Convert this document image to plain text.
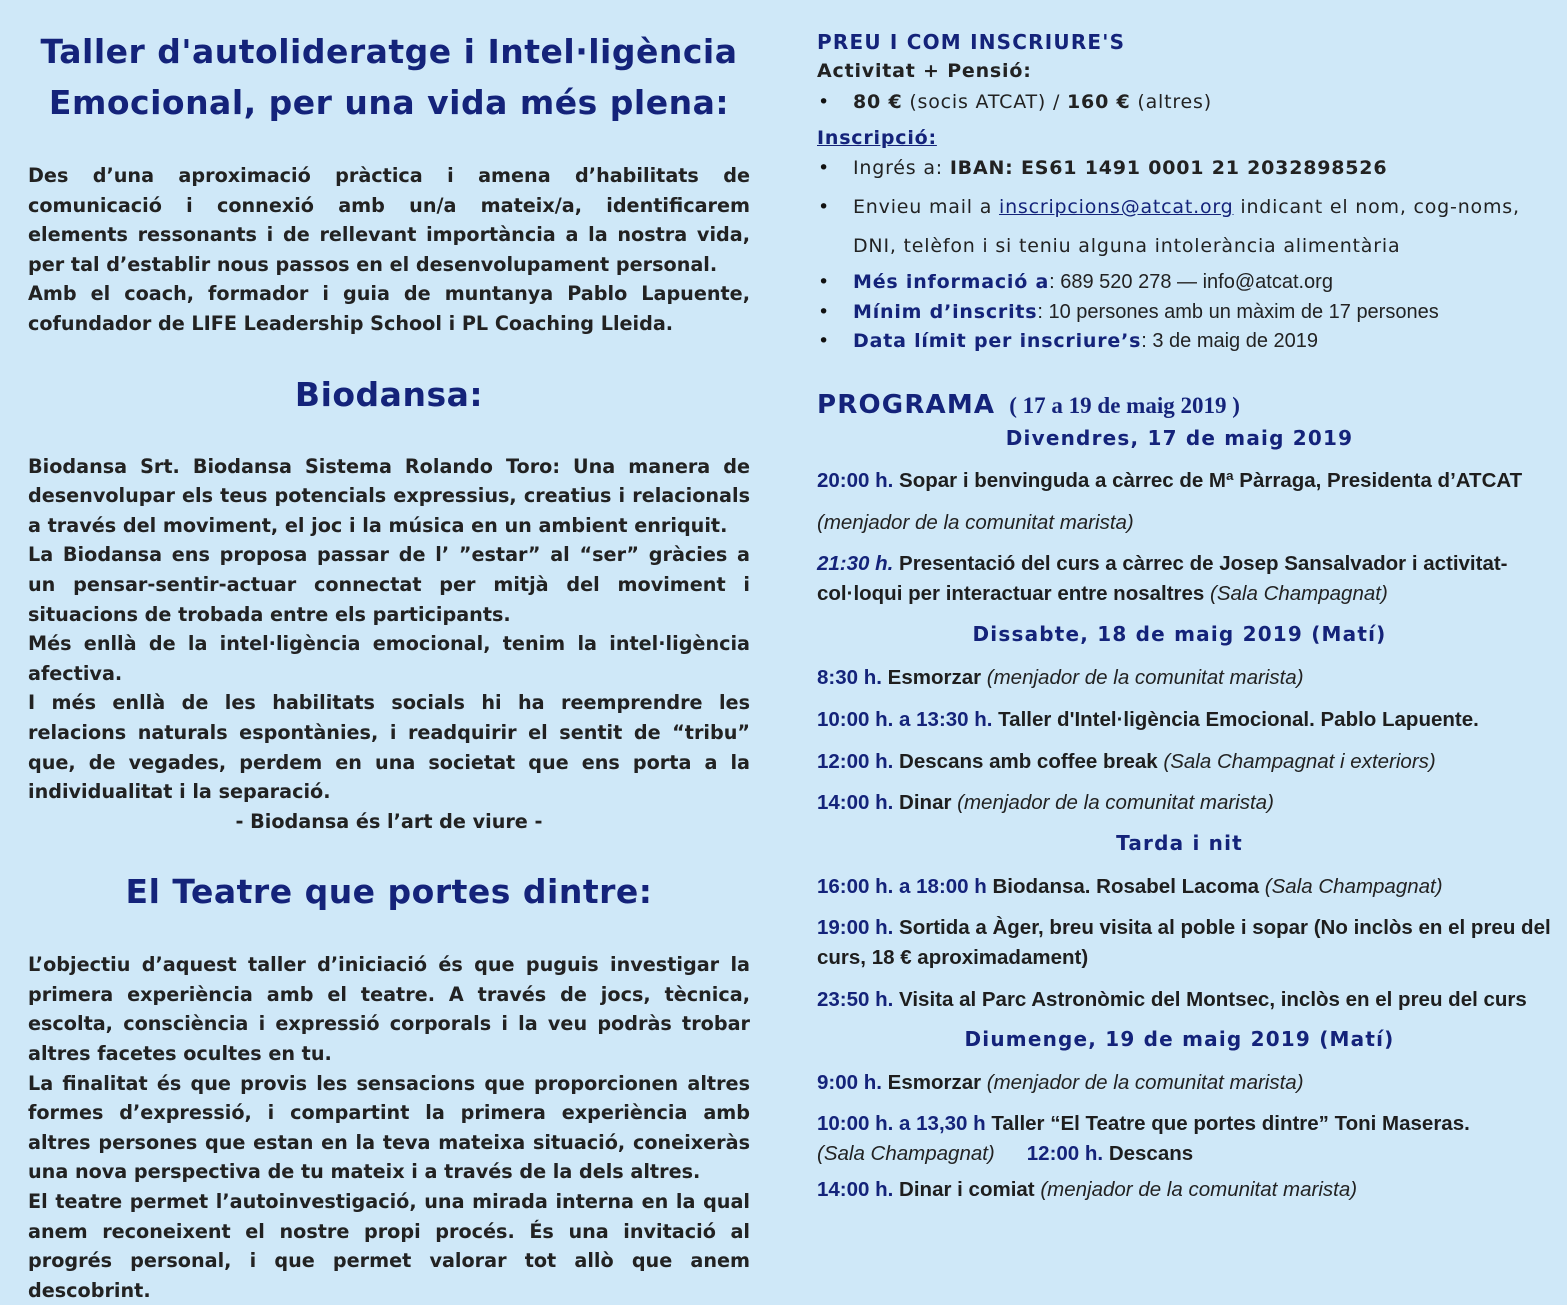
Taller d'autolideratge i Intel·ligència
Emocional, per una vida més plena:

Des d’una aproximació pràctica i amena d’habilitats de comunicació i connexió amb un/a mateix/a, identificarem elements ressonants i de rellevant importància a la nostra vida, per tal d’establir nous passos en el desenvolupament personal.

Amb el coach, formador i guia de muntanya Pablo Lapuente, cofundador de LIFE Leadership School i PL Coaching Lleida.

Biodansa:

Biodansa Srt. Biodansa Sistema Rolando Toro: Una manera de desenvolupar els teus potencials expressius, creatius i relacionals a través del moviment, el joc i la música en un ambient enriquit.

La Biodansa ens proposa passar de l’ ”estar” al “ser” gràcies a un pensar-sentir-actuar connectat per mitjà del moviment i situacions de trobada entre els participants.

Més enllà de la intel·ligència emocional, tenim la intel·ligència afectiva.

I més enllà de les habilitats socials hi ha reemprendre les relacions naturals espontànies, i readquirir el sentit de “tribu” que, de vegades, perdem en una societat que ens porta a la individualitat i la separació.

- Biodansa és l’art de viure -

El Teatre que portes dintre:

L’objectiu d’aquest taller d’iniciació és que puguis investigar la primera experiència amb el teatre. A través de jocs, tècnica, escolta, consciència i expressió corporals i la veu podràs trobar altres facetes ocultes en tu.

La finalitat és que provis les sensacions que proporcionen altres formes d’expressió, i compartint la primera experiència amb altres persones que estan en la teva mateixa situació, coneixeràs una nova perspectiva de tu mateix i a través de la dels altres.

El teatre permet l’autoinvestigació, una mirada interna en la qual anem reconeixent el nostre propi procés. És una invitació al progrés personal, i que permet valorar tot allò que anem descobrint.

PREU I COM INSCRIURE'S
Activitat + Pensió:
• 80 € (socis ATCAT) / 160 € (altres)
Inscripció:
• Ingrés a: IBAN: ES61 1491 0001 21 2032898526
• Envieu mail a inscripcions@atcat.org indicant el nom, cog-noms, DNI, telèfon i si teniu alguna intolerància alimentària
• Més informació a: 689 520 278 — info@atcat.org
• Mínim d’inscrits: 10 persones amb un màxim de 17 persones
• Data límit per inscriure’s: 3 de maig de 2019
PROGRAMA ( 17 a 19 de maig 2019 )
Divendres, 17 de maig 2019
20:00 h. Sopar i benvinguda a càrrec de Mª Pàrraga, Presidenta d’ATCAT
(menjador de la comunitat marista)
21:30 h. Presentació del curs a càrrec de Josep Sansalvador i activitat-col·loqui per interactuar entre nosaltres (Sala Champagnat)
Dissabte, 18 de maig 2019 (Matí)
8:30 h. Esmorzar (menjador de la comunitat marista)
10:00 h. a 13:30 h. Taller d'Intel·ligència Emocional. Pablo Lapuente.
12:00 h. Descans amb coffee break (Sala Champagnat i exteriors)
14:00 h. Dinar (menjador de la comunitat marista)
Tarda i nit
16:00 h. a 18:00 h Biodansa. Rosabel Lacoma (Sala Champagnat)
19:00 h. Sortida a Àger, breu visita al poble i sopar (No inclòs en el preu del curs, 18 € aproximadament)
23:50 h. Visita al Parc Astronòmic del Montsec, inclòs en el preu del curs
Diumenge, 19 de maig 2019 (Matí)
9:00 h. Esmorzar (menjador de la comunitat marista)
10:00 h. a 13,30 h Taller “El Teatre que portes dintre” Toni Maseras.
(Sala Champagnat) 12:00 h. Descans
14:00 h. Dinar i comiat (menjador de la comunitat marista)
